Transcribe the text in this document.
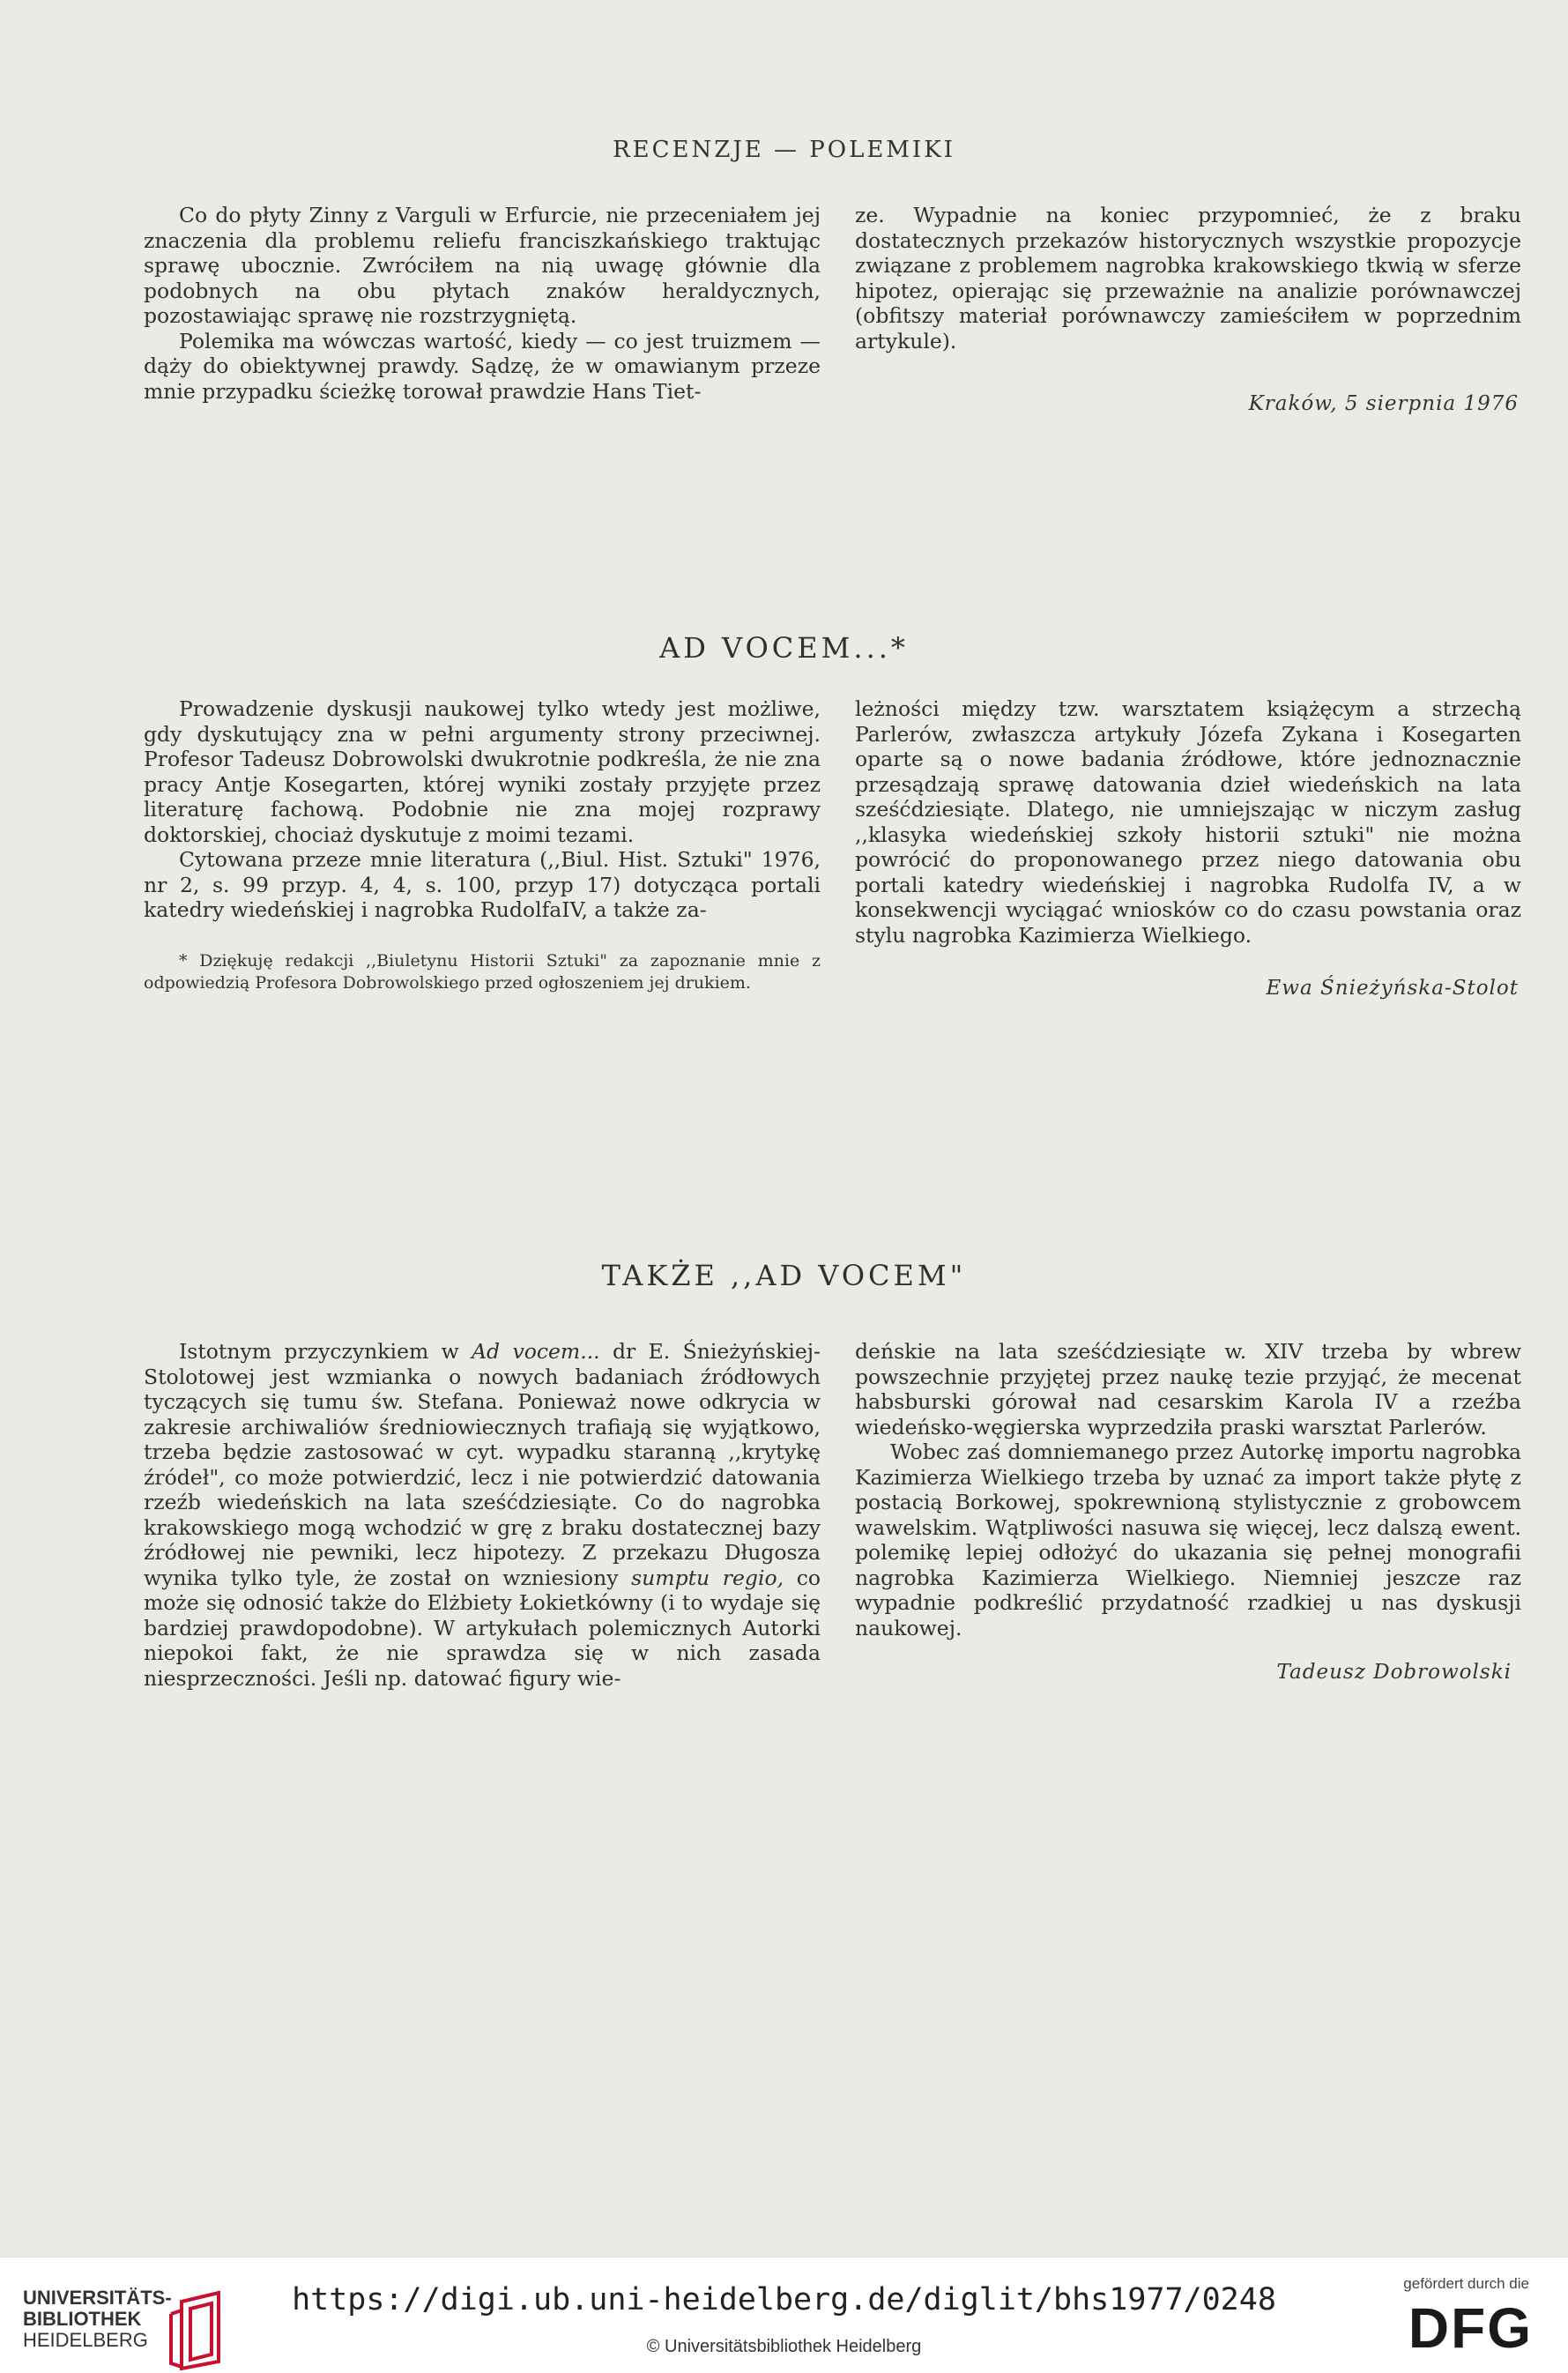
RECENZJE — POLEMIKI

Co do płyty Zinny z Varguli w Erfurcie, nie przeceniałem jej znaczenia dla problemu reliefu franciszkańskiego traktując sprawę ubocznie. Zwróciłem na nią uwagę głównie dla podobnych na obu płytach znaków heraldycznych, pozostawiając sprawę nie rozstrzygniętą.

Polemika ma wówczas wartość, kiedy — co jest truizmem — dąży do obiektywnej prawdy. Sądzę, że w omawianym przeze mnie przypadku ścieżkę torował prawdzie Hans Tiet-

ze. Wypadnie na koniec przypomnieć, że z braku dostatecznych przekazów historycznych wszystkie propozycje związane z problemem nagrobka krakowskiego tkwią w sferze hipotez, opierając się przeważnie na analizie porównawczej (obfitszy materiał porównawczy zamieściłem w poprzednim artykule).

Kraków, 5 sierpnia 1976
AD VOCEM...*

Prowadzenie dyskusji naukowej tylko wtedy jest możliwe, gdy dyskutujący zna w pełni argumenty strony przeciwnej. Profesor Tadeusz Dobrowolski dwukrotnie podkreśla, że nie zna pracy Antje Kosegarten, której wyniki zostały przyjęte przez literaturę fachową. Podobnie nie zna mojej rozprawy doktorskiej, chociaż dyskutuje z moimi tezami.

Cytowana przeze mnie literatura (,,Biul. Hist. Sztuki" 1976, nr 2, s. 99 przyp. 4, 4, s. 100, przyp 17) dotycząca portali katedry wiedeńskiej i nagrobka RudolfaIV, a także za-

* Dziękuję redakcji ,,Biuletynu Historii Sztuki" za zapoznanie mnie z odpowiedzią Profesora Dobrowolskiego przed ogłoszeniem jej drukiem.

leżności między tzw. warsztatem książęcym a strzechą Parlerów, zwłaszcza artykuły Józefa Zykana i Kosegarten oparte są o nowe badania źródłowe, które jednoznacznie przesądzają sprawę datowania dzieł wiedeńskich na lata sześćdziesiąte. Dlatego, nie umniejszając w niczym zasług ,,klasyka wiedeńskiej szkoły historii sztuki" nie można powrócić do proponowanego przez niego datowania obu portali katedry wiedeńskiej i nagrobka Rudolfa IV, a w konsekwencji wyciągać wniosków co do czasu powstania oraz stylu nagrobka Kazimierza Wielkiego.

Ewa Śnieżyńska-Stolot
TAKŻE ,,AD VOCEM"

Istotnym przyczynkiem w Ad vocem... dr E. Śnieżyńskiej-Stolotowej jest wzmianka o nowych badaniach źródłowych tyczących się tumu św. Stefana. Ponieważ nowe odkrycia w zakresie archiwaliów średniowiecznych trafiają się wyjątkowo, trzeba będzie zastosować w cyt. wypadku staranną ,,krytykę źródeł", co może potwierdzić, lecz i nie potwierdzić datowania rzeźb wiedeńskich na lata sześćdziesiąte. Co do nagrobka krakowskiego mogą wchodzić w grę z braku dostatecznej bazy źródłowej nie pewniki, lecz hipotezy. Z przekazu Długosza wynika tylko tyle, że został on wzniesiony sumptu regio, co może się odnosić także do Elżbiety Łokietkówny (i to wydaje się bardziej prawdopodobne). W artykułach polemicznych Autorki niepokoi fakt, że nie sprawdza się w nich zasada niesprzeczności. Jeśli np. datować figury wie-

deńskie na lata sześćdziesiąte w. XIV trzeba by wbrew powszechnie przyjętej przez naukę tezie przyjąć, że mecenat habsburski górował nad cesarskim Karola IV a rzeźba wiedeńsko-węgierska wyprzedziła praski warsztat Parlerów.

Wobec zaś domniemanego przez Autorkę importu nagrobka Kazimierza Wielkiego trzeba by uznać za import także płytę z postacią Borkowej, spokrewnioną stylistycznie z grobowcem wawelskim. Wątpliwości nasuwa się więcej, lecz dalszą ewent. polemikę lepiej odłożyć do ukazania się pełnej monografii nagrobka Kazimierza Wielkiego. Niemniej jeszcze raz wypadnie podkreślić przydatność rzadkiej u nas dyskusji naukowej.

Tadeusz Dobrowolski
UNIVERSITÄTS-
BIBLIOTHEK
HEIDELBERG
https://digi.ub.uni-heidelberg.de/diglit/bhs1977/0248
© Universitätsbibliothek Heidelberg
gefördert durch die
DFG
